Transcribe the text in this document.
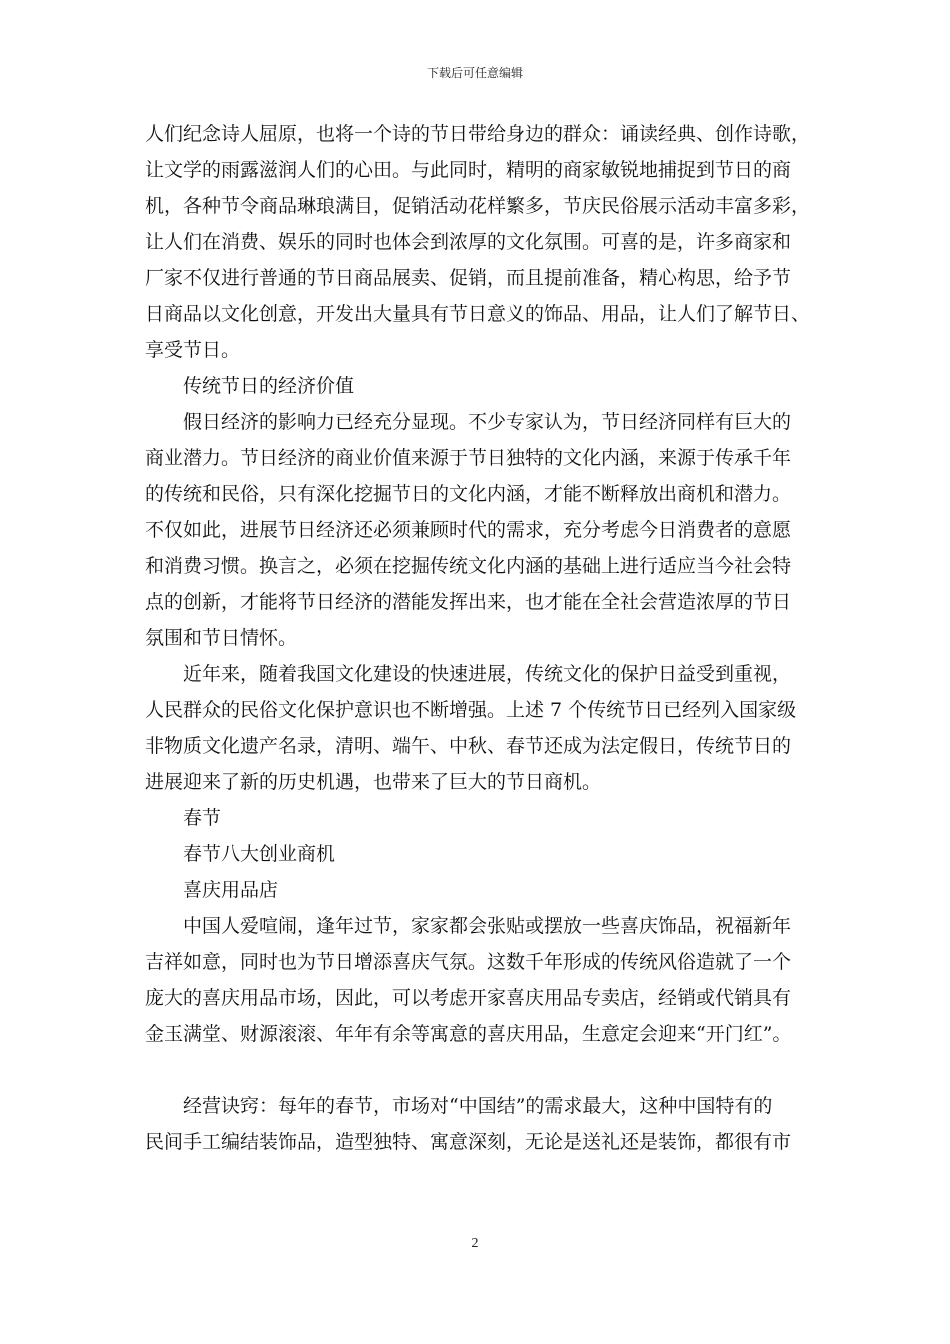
下载后可任意编辑
人们纪念诗人屈原，也将一个诗的节日带给身边的群众：诵读经典、创作诗歌，
让文学的雨露滋润人们的心田。与此同时，精明的商家敏锐地捕捉到节日的商
机，各种节令商品琳琅满目，促销活动花样繁多，节庆民俗展示活动丰富多彩，
让人们在消费、娱乐的同时也体会到浓厚的文化氛围。可喜的是，许多商家和
厂家不仅进行普通的节日商品展卖、促销，而且提前准备，精心构思，给予节
日商品以文化创意，开发出大量具有节日意义的饰品、用品，让人们了解节日、
享受节日。
传统节日的经济价值
假日经济的影响力已经充分显现。不少专家认为，节日经济同样有巨大的
商业潜力。节日经济的商业价值来源于节日独特的文化内涵，来源于传承千年
的传统和民俗，只有深化挖掘节日的文化内涵，才能不断释放出商机和潜力。
不仅如此，进展节日经济还必须兼顾时代的需求，充分考虑今日消费者的意愿
和消费习惯。换言之，必须在挖掘传统文化内涵的基础上进行适应当今社会特
点的创新，才能将节日经济的潜能发挥出来，也才能在全社会营造浓厚的节日
氛围和节日情怀。
近年来，随着我国文化建设的快速进展，传统文化的保护日益受到重视，
人民群众的民俗文化保护意识也不断增强。上述 7 个传统节日已经列入国家级
非物质文化遗产名录，清明、端午、中秋、春节还成为法定假日，传统节日的
进展迎来了新的历史机遇，也带来了巨大的节日商机。
春节
春节八大创业商机
喜庆用品店
中国人爱喧闹，逢年过节，家家都会张贴或摆放一些喜庆饰品，祝福新年
吉祥如意，同时也为节日增添喜庆气氛。这数千年形成的传统风俗造就了一个
庞大的喜庆用品市场，因此，可以考虑开家喜庆用品专卖店，经销或代销具有
金玉满堂、财源滚滚、年年有余等寓意的喜庆用品，生意定会迎来“开门红”。
经营诀窍：每年的春节，市场对“中国结”的需求最大，这种中国特有的
民间手工编结装饰品，造型独特、寓意深刻，无论是送礼还是装饰，都很有市
2
